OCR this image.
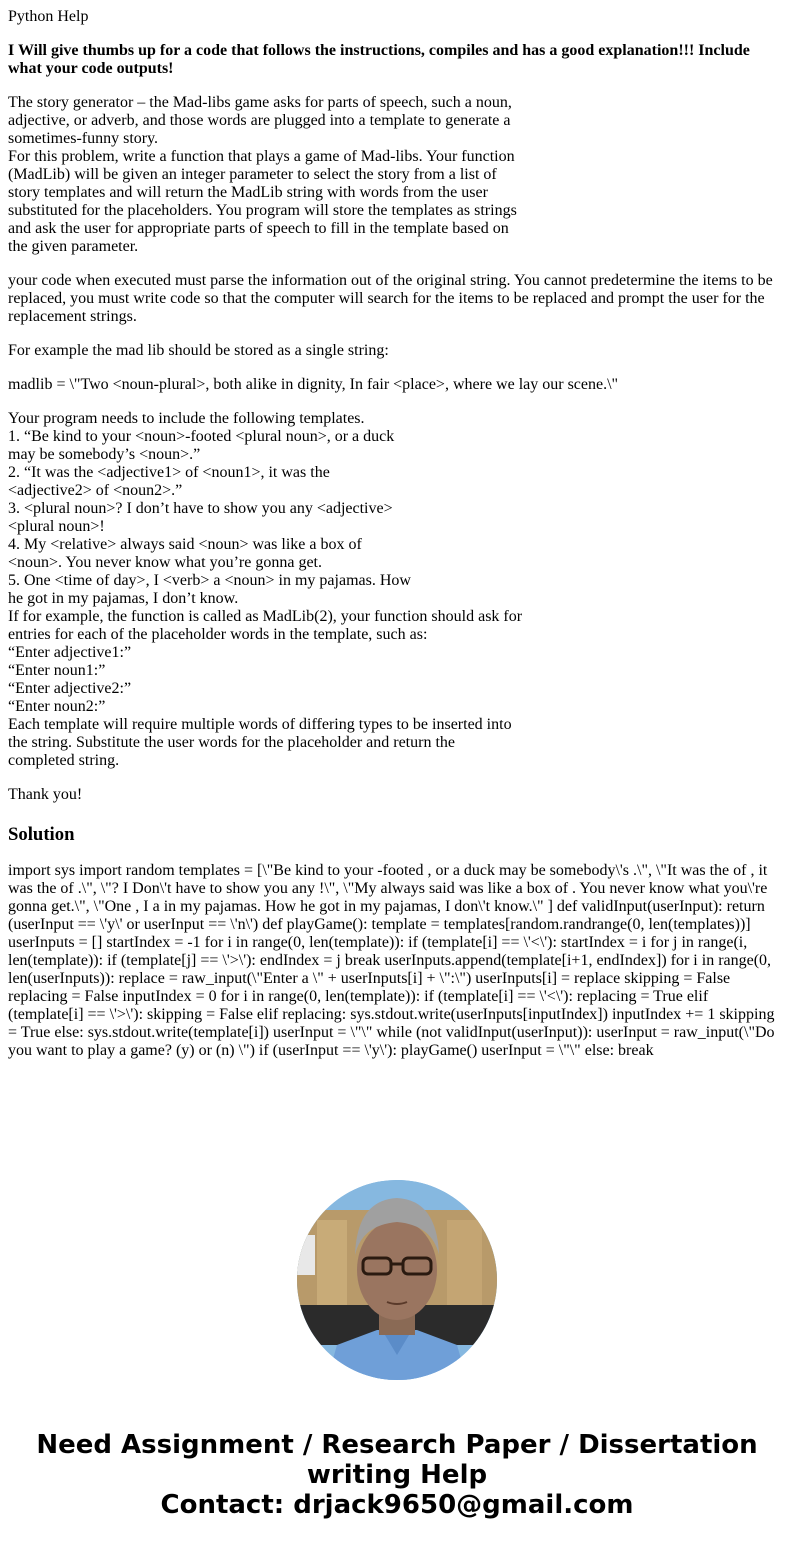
Python Help

I Will give thumbs up for a code that follows the instructions, compiles and has a good explanation!!! Include what your code outputs!

The story generator – the Mad-libs game asks for parts of speech, such a noun,
adjective, or adverb, and those words are plugged into a template to generate a
sometimes-funny story.
For this problem, write a function that plays a game of Mad-libs. Your function
(MadLib) will be given an integer parameter to select the story from a list of
story templates and will return the MadLib string with words from the user
substituted for the placeholders. You program will store the templates as strings
and ask the user for appropriate parts of speech to fill in the template based on
the given parameter.

your code when executed must parse the information out of the original string. You cannot predetermine the items to be replaced, you must write code so that the computer will search for the items to be replaced and prompt the user for the replacement strings.

For example the mad lib should be stored as a single string:

madlib = \"Two <noun-plural>, both alike in dignity, In fair <place>, where we lay our scene.\"

Your program needs to include the following templates.
1. “Be kind to your <noun>-footed <plural noun>, or a duck
may be somebody’s <noun>.”
2. “It was the <adjective1> of <noun1>, it was the
<adjective2> of <noun2>.”
3. <plural noun>? I don’t have to show you any <adjective>
<plural noun>!
4. My <relative> always said <noun> was like a box of
<noun>. You never know what you’re gonna get.
5. One <time of day>, I <verb> a <noun> in my pajamas. How
he got in my pajamas, I don’t know.
If for example, the function is called as MadLib(2), your function should ask for
entries for each of the placeholder words in the template, such as:
“Enter adjective1:”
“Enter noun1:”
“Enter adjective2:”
“Enter noun2:”
Each template will require multiple words of differing types to be inserted into
the string. Substitute the user words for the placeholder and return the
completed string.

Thank you!

Solution

import sys import random templates = [\"Be kind to your -footed , or a duck may be somebody\'s .\", \"It was the of , it was the of .\", \"? I Don\'t have to show you any !\", \"My always said was like a box of . You never know what you\'re gonna get.\", \"One , I a in my pajamas. How he got in my pajamas, I don\'t know.\" ] def validInput(userInput): return (userInput == \'y\' or userInput == \'n\') def playGame(): template = templates[random.randrange(0, len(templates))] userInputs = [] startIndex = -1 for i in range(0, len(template)): if (template[i] == \'<\'): startIndex = i for j in range(i, len(template)): if (template[j] == \'>\'): endIndex = j break userInputs.append(template[i+1, endIndex]) for i in range(0, len(userInputs)): replace = raw_input(\"Enter a \" + userInputs[i] + \":\") userInputs[i] = replace skipping = False replacing = False inputIndex = 0 for i in range(0, len(template)): if (template[i] == \'<\'): replacing = True elif (template[i] == \'>\'): skipping = False elif replacing: sys.stdout.write(userInputs[inputIndex]) inputIndex += 1 skipping = True else: sys.stdout.write(template[i]) userInput = \"\" while (not validInput(userInput)): userInput = raw_input(\"Do you want to play a game? (y) or (n) \") if (userInput == \'y\'): playGame() userInput = \"\" else: break

Need Assignment / Research Paper / Dissertation
writing Help
Contact: drjack9650@gmail.com
